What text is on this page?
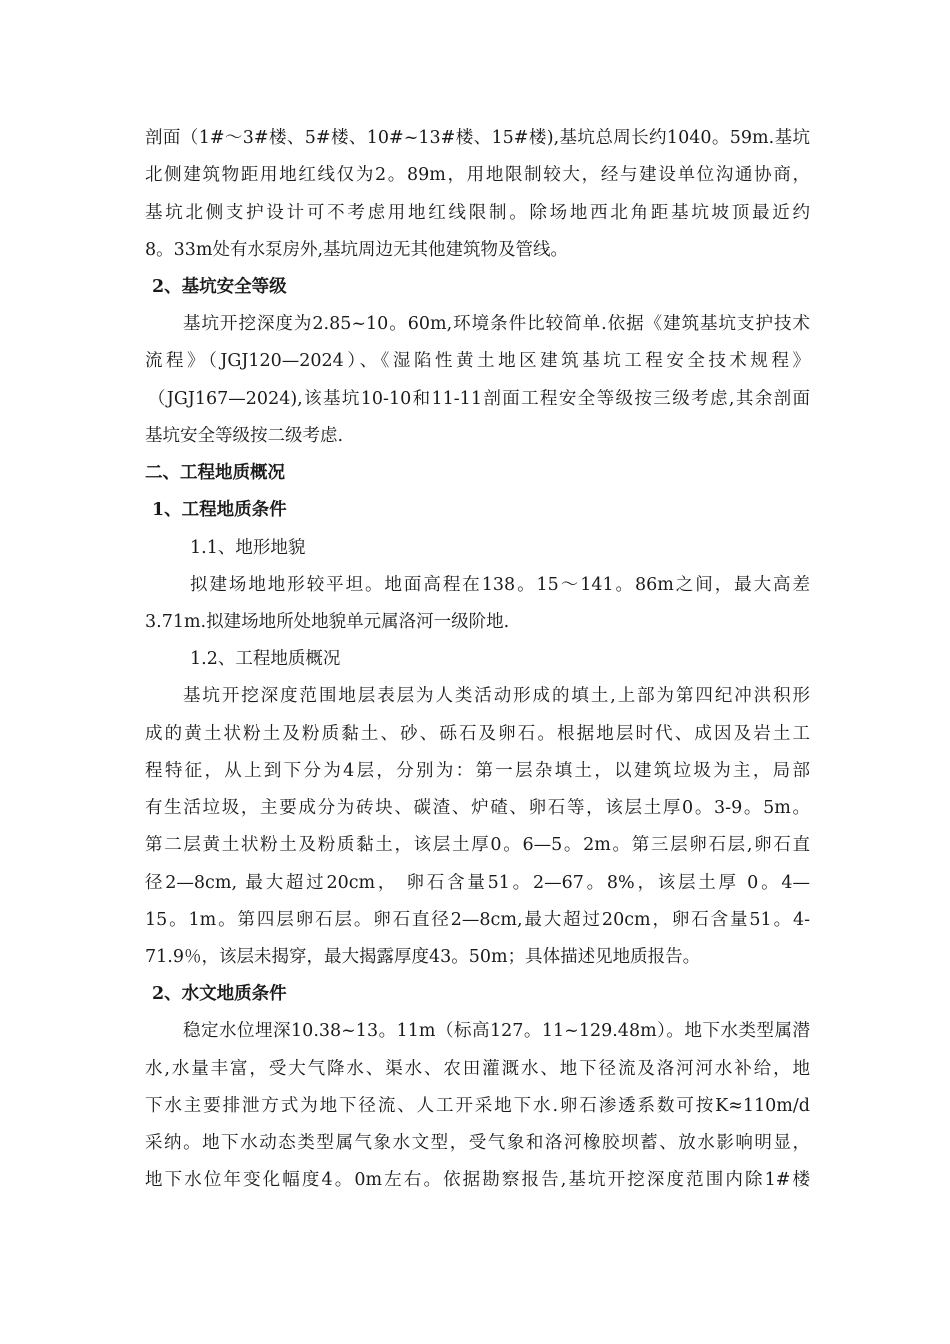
剖面（1#～3#楼、5#楼、10#~13#楼、15#楼),基坑总周长约1040。59m.基坑
北侧建筑物距用地红线仅为2。89m，用地限制较大，经与建设单位沟通协商，
基坑北侧支护设计可不考虑用地红线限制。除场地西北角距基坑坡顶最近约
8。33m处有水泵房外,基坑周边无其他建筑物及管线。
2、基坑安全等级
基坑开挖深度为2.85~10。60m,环境条件比较简单.依据《建筑基坑支护技术
流程》（JGJ120—2024）、《湿陷性黄土地区建筑基坑工程安全技术规程》
（JGJ167—2024),该基坑10-10和11-11剖面工程安全等级按三级考虑,其余剖面
基坑安全等级按二级考虑.
二、工程地质概况
1、工程地质条件
1.1、地形地貌
拟建场地地形较平坦。地面高程在138。15～141。86m之间，最大高差
3.71m.拟建场地所处地貌单元属洛河一级阶地.
1.2、工程地质概况
基坑开挖深度范围地层表层为人类活动形成的填土,上部为第四纪冲洪积形
成的黄土状粉土及粉质黏土、砂、砾石及卵石。根据地层时代、成因及岩土工
程特征，从上到下分为4层，分别为：第一层杂填土，以建筑垃圾为主，局部
有生活垃圾，主要成分为砖块、碳渣、炉碴、卵石等，该层土厚0。3-9。5m。
第二层黄土状粉土及粉质黏土，该层土厚0。6—5。2m。第三层卵石层,卵石直
径2—8cm, 最大超过20cm， 卵石含量51。2—67。8%，该层土厚 0。4—
15。1m。第四层卵石层。卵石直径2—8cm,最大超过20cm，卵石含量51。4-
71.9％，该层未揭穿，最大揭露厚度43。50m；具体描述见地质报告。
2、水文地质条件
稳定水位埋深10.38~13。11m（标高127。11~129.48m）。地下水类型属潜
水,水量丰富，受大气降水、渠水、农田灌溉水、地下径流及洛河河水补给，地
下水主要排泄方式为地下径流、人工开采地下水.卵石渗透系数可按K≈110m/d
采纳。地下水动态类型属气象水文型，受气象和洛河橡胶坝蓄、放水影响明显，
地下水位年变化幅度4。0m左右。依据勘察报告,基坑开挖深度范围内除1#楼
